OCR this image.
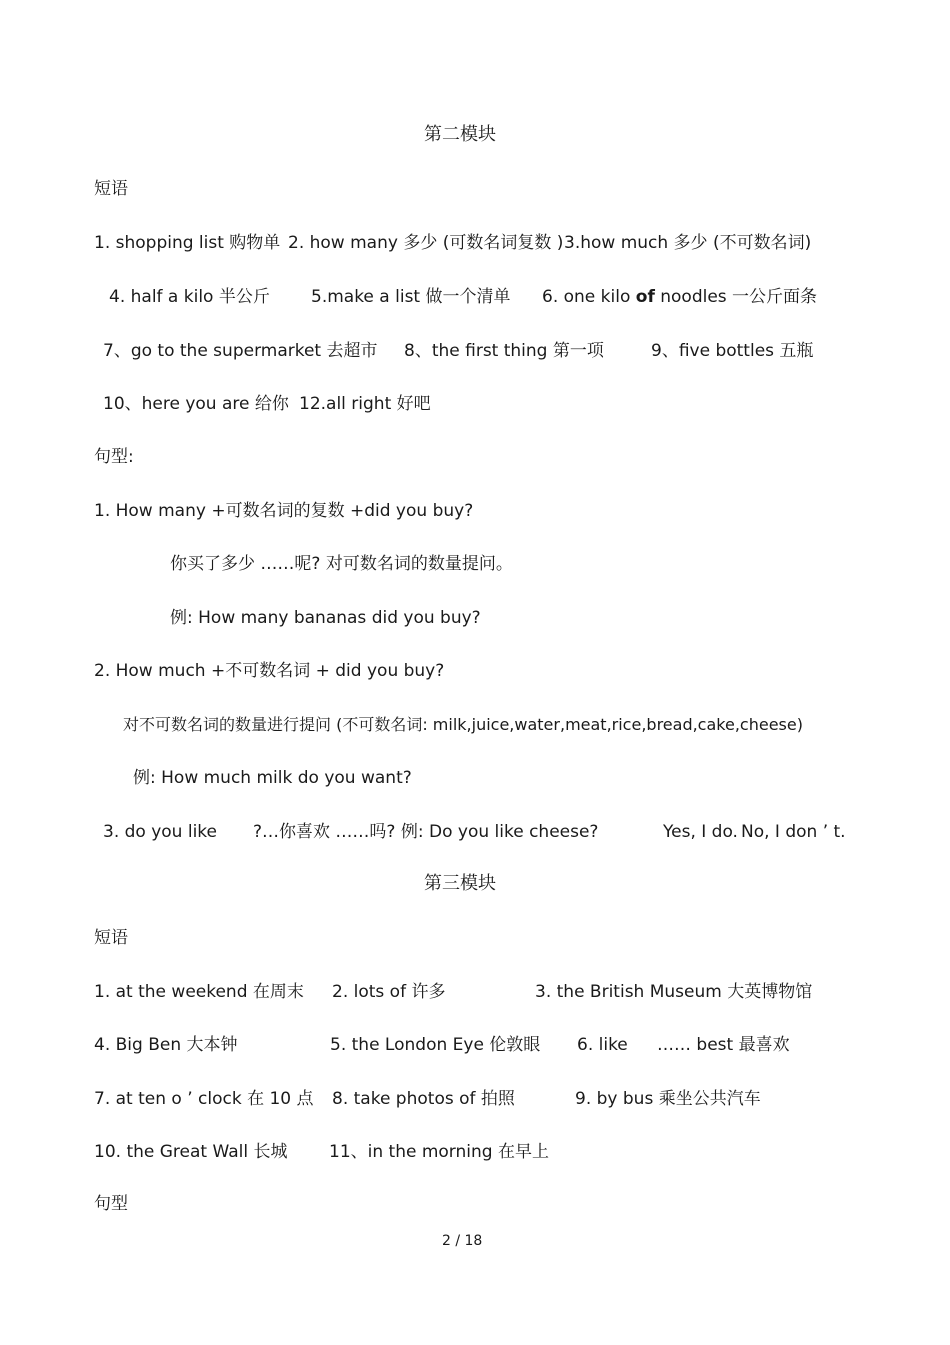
第二模块
短语
1. shopping list 购物单 2. how many 多少 (可数名词复数 ) 3.how much 多少 (不可数名词)
4. half a kilo 半公斤 5.make a list 做一个清单 6. one kilo of noodles 一公斤面条
7、go to the supermarket 去超市 8、the first thing 第一项	9、five bottles 五瓶
10、here you are 给你 12.all right 好吧
句型:
1. How many +可数名词的复数 +did you buy?
你买了多少 ……呢? 对可数名词的数量提问。
例: How many bananas did you buy?
2. How much +不可数名词 + did you buy?
对不可数名词的数量进行提问 (不可数名词: milk,juice,water,meat,rice,bread,cake,cheese)
例: How much milk do you want?
3. do you like ?…你喜欢 ……吗? 例: Do you like cheese?	Yes, I do. No, I don ’ t.
第三模块
短语
1. at the weekend 在周末 2. lots of 许多	3. the British Museum 大英博物馆
4. Big Ben 大本钟	5. the London Eye 伦敦眼 6. like …… best 最喜欢
7. at ten o ’ clock 在 10 点 8. take photos of 拍照	9. by bus 乘坐公共汽车
10. the Great Wall 长城 11、in the morning 在早上
句型
2 / 18
